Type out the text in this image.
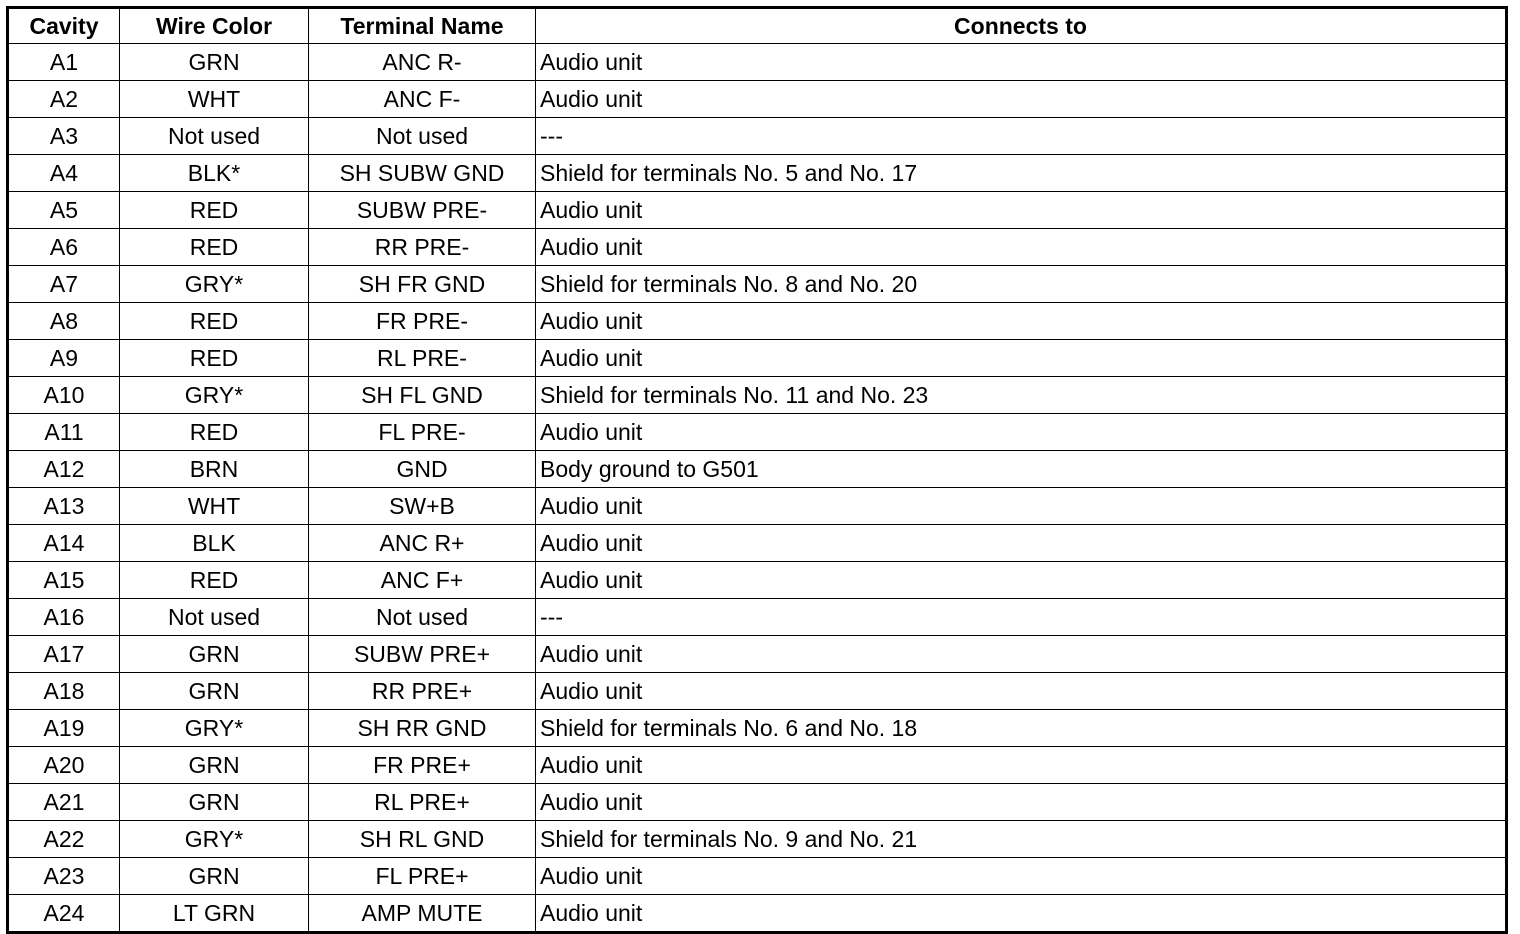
Cavity	Wire Color	Terminal Name	Connects to
A1	GRN	ANC R-	Audio unit
A2	WHT	ANC F-	Audio unit
A3	Not used	Not used	---
A4	BLK*	SH SUBW GND	Shield for terminals No. 5 and No. 17
A5	RED	SUBW PRE-	Audio unit
A6	RED	RR PRE-	Audio unit
A7	GRY*	SH FR GND	Shield for terminals No. 8 and No. 20
A8	RED	FR PRE-	Audio unit
A9	RED	RL PRE-	Audio unit
A10	GRY*	SH FL GND	Shield for terminals No. 11 and No. 23
A11	RED	FL PRE-	Audio unit
A12	BRN	GND	Body ground to G501
A13	WHT	SW+B	Audio unit
A14	BLK	ANC R+	Audio unit
A15	RED	ANC F+	Audio unit
A16	Not used	Not used	---
A17	GRN	SUBW PRE+	Audio unit
A18	GRN	RR PRE+	Audio unit
A19	GRY*	SH RR GND	Shield for terminals No. 6 and No. 18
A20	GRN	FR PRE+	Audio unit
A21	GRN	RL PRE+	Audio unit
A22	GRY*	SH RL GND	Shield for terminals No. 9 and No. 21
A23	GRN	FL PRE+	Audio unit
A24	LT GRN	AMP MUTE	Audio unit
